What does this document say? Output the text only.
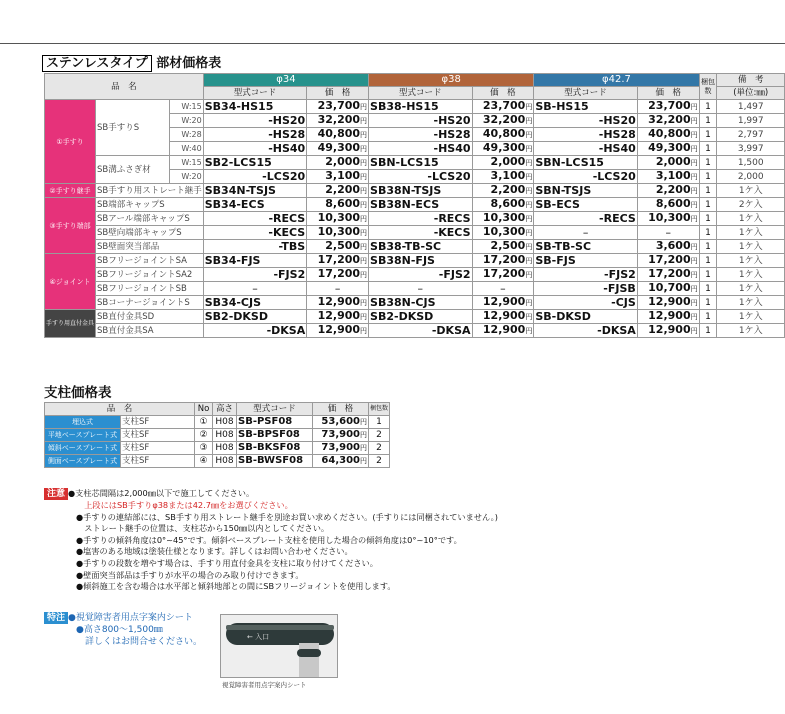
ステンレスタイプ 部材価格表
品　名			φ34		φ38		φ42.7		梱包数	備　考
			型式コード	価　格	型式コード	価　格	型式コード	価　格		(単位:㎜)
①手すり	SB手すりS	W:15	SB34-HS15	23,700円	SB38-HS15	23,700円	SB-HS15	23,700円	1	1,497
		W:20	-HS20	32,200円	-HS20	32,200円	-HS20	32,200円	1	1,997
		W:28	-HS28	40,800円	-HS28	40,800円	-HS28	40,800円	1	2,797
		W:40	-HS40	49,300円	-HS40	49,300円	-HS40	49,300円	1	3,997
	SB溝ふさぎ材	W:15	SB2-LCS15	2,000円	SBN-LCS15	2,000円	SBN-LCS15	2,000円	1	1,500
		W:20	-LCS20	3,100円	-LCS20	3,100円	-LCS20	3,100円	1	2,000
②手すり継手	SB手すり用ストレート継手		SB34N-TSJS	2,200円	SB38N-TSJS	2,200円	SBN-TSJS	2,200円	1	1ケ入
③手すり端部	SB端部キャップS		SB34-ECS	8,600円	SB38N-ECS	8,600円	SB-ECS	8,600円	1	2ケ入
	SBアール端部キャップS		-RECS	10,300円	-RECS	10,300円	-RECS	10,300円	1	1ケ入
	SB壁向端部キャップS		-KECS	10,300円	-KECS	10,300円	–	–	1	1ケ入
	SB壁面突当部品		-TBS	2,500円	SB38-TB-SC	2,500円	SB-TB-SC	3,600円	1	1ケ入
④ジョイント	SBフリージョイントSA		SB34-FJS	17,200円	SB38N-FJS	17,200円	SB-FJS	17,200円	1	1ケ入
	SBフリージョイントSA2		-FJS2	17,200円	-FJS2	17,200円	-FJS2	17,200円	1	1ケ入
	SBフリージョイントSB		–	–	–	–	-FJSB	10,700円	1	1ケ入
	SBコーナージョイントS		SB34-CJS	12,900円	SB38N-CJS	12,900円	-CJS	12,900円	1	1ケ入
手すり用直付金具	SB直付金具SD		SB2-DKSD	12,900円	SB2-DKSD	12,900円	SB-DKSD	12,900円	1	1ケ入
	SB直付金具SA		-DKSA	12,900円	-DKSA	12,900円	-DKSA	12,900円	1	1ケ入
支柱価格表
品　名		No	高さ	型式コード	価　格	梱包数
埋込式	支柱SF	①	H08	SB-PSF08	53,600円	1
平地ベースプレート式	支柱SF	②	H08	SB-BPSF08	73,900円	2
傾斜ベースプレート式	支柱SF	③	H08	SB-BKSF08	73,900円	2
側面ベースプレート式	支柱SF	④	H08	SB-BWSF08	64,300円	2
注意 ●支柱芯間隔は2,000㎜以下で施工してください。
　上段にはSB手すりφ38または42.7㎜をお選びください。
●手すりの連結部には、SB手すり用ストレート継手を別途お買い求めください。(手すりには同梱されていません。)
　ストレート継手の位置は、支柱芯から150㎜以内としてください。
●手すりの傾斜角度は0°~45°です。傾斜ベースプレート支柱を使用した場合の傾斜角度は0°~10°です。
●塩害のある地域は塗装仕様となります。詳しくはお問い合わせください。
●手すりの段数を増やす場合は、手すり用直付金具を支柱に取り付けてください。
●壁面突当部品は手すりが水平の場合のみ取り付けできます。
●傾斜施工を含む場合は水平部と傾斜地部との間にSBフリージョイントを使用します。
特注 ●視覚障害者用点字案内シート
●高さ800～1,500㎜
　詳しくはお問合せください。	← 入口
視覚障害者用点字案内シート
